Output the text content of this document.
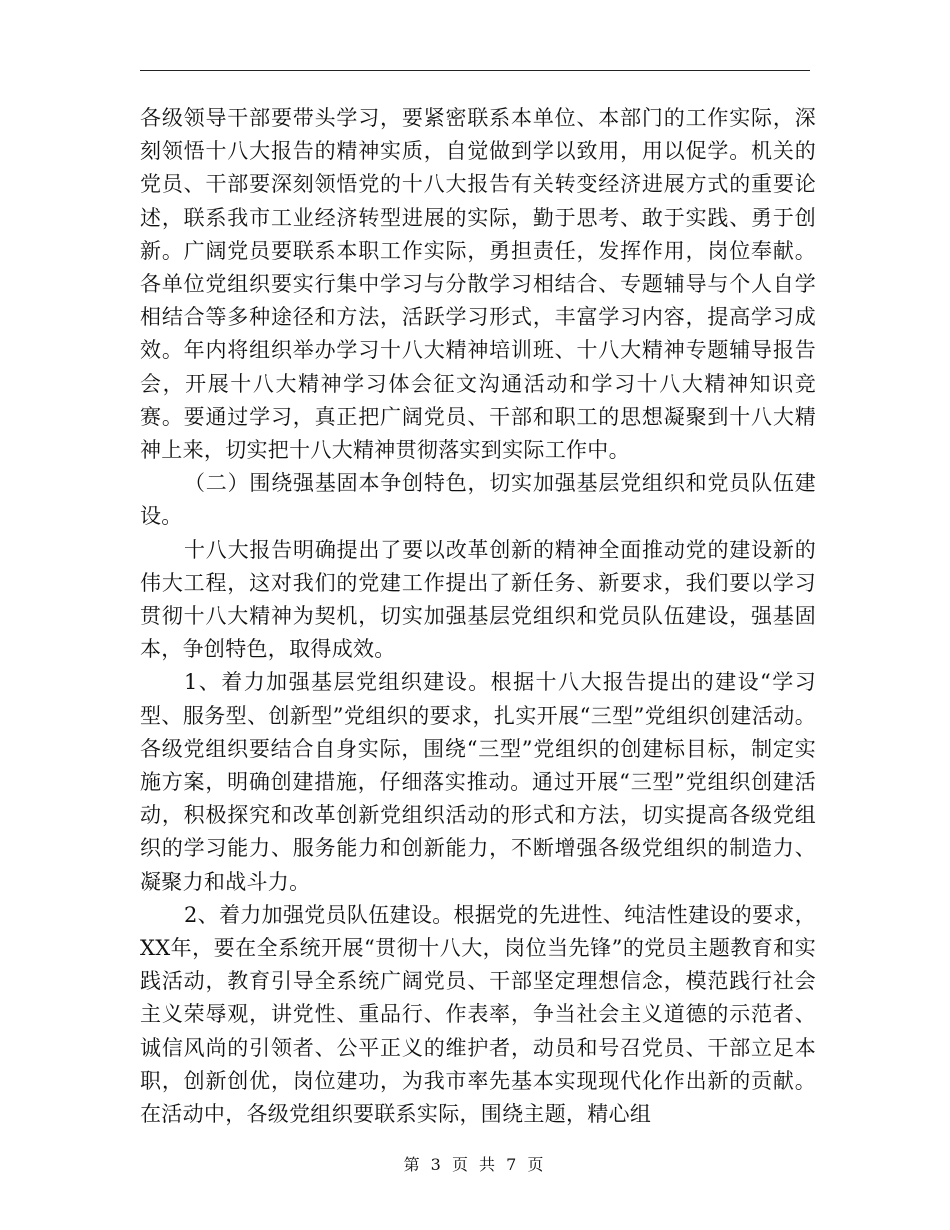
各级领导干部要带头学习，要紧密联系本单位、本部门的工作实际，深刻领悟十八大报告的精神实质，自觉做到学以致用，用以促学。机关的党员、干部要深刻领悟党的十八大报告有关转变经济进展方式的重要论述，联系我市工业经济转型进展的实际，勤于思考、敢于实践、勇于创新。广阔党员要联系本职工作实际，勇担责任，发挥作用，岗位奉献。各单位党组织要实行集中学习与分散学习相结合、专题辅导与个人自学相结合等多种途径和方法，活跃学习形式，丰富学习内容，提高学习成效。年内将组织举办学习十八大精神培训班、十八大精神专题辅导报告会，开展十八大精神学习体会征文沟通活动和学习十八大精神知识竞赛。要通过学习，真正把广阔党员、干部和职工的思想凝聚到十八大精神上来，切实把十八大精神贯彻落实到实际工作中。

（二）围绕强基固本争创特色，切实加强基层党组织和党员队伍建设。

十八大报告明确提出了要以改革创新的精神全面推动党的建设新的伟大工程，这对我们的党建工作提出了新任务、新要求，我们要以学习贯彻十八大精神为契机，切实加强基层党组织和党员队伍建设，强基固本，争创特色，取得成效。

1、着力加强基层党组织建设。根据十八大报告提出的建设“学习型、服务型、创新型”党组织的要求，扎实开展“三型”党组织创建活动。各级党组织要结合自身实际，围绕“三型”党组织的创建标目标，制定实施方案，明确创建措施，仔细落实推动。通过开展“三型”党组织创建活动，积极探究和改革创新党组织活动的形式和方法，切实提高各级党组织的学习能力、服务能力和创新能力，不断增强各级党组织的制造力、凝聚力和战斗力。

2、着力加强党员队伍建设。根据党的先进性、纯洁性建设的要求，XX年，要在全系统开展“贯彻十八大，岗位当先锋”的党员主题教育和实践活动，教育引导全系统广阔党员、干部坚定理想信念，模范践行社会主义荣辱观，讲党性、重品行、作表率，争当社会主义道德的示范者、诚信风尚的引领者、公平正义的维护者，动员和号召党员、干部立足本职，创新创优，岗位建功，为我市率先基本实现现代化作出新的贡献。在活动中，各级党组织要联系实际，围绕主题，精心组

第 3 页 共 7 页
